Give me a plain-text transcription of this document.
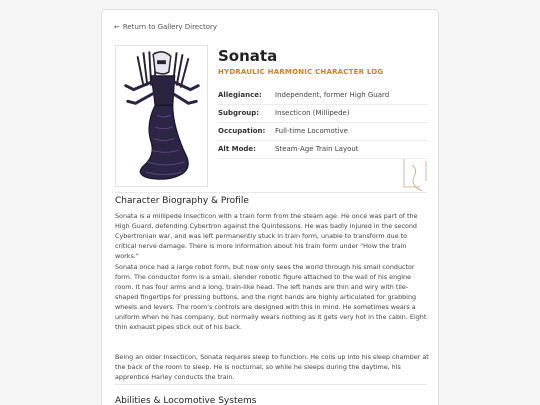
← Return to Gallery Directory
Sonata
HYDRAULIC HARMONIC CHARACTER LOG
Allegiance:	Independent, former High Guard
Subgroup:	Insecticon (Millipede)
Occupation:	Full-time Locomotive
Alt Mode:	Steam-Age Train Layout
Character Biography & Profile

Sonata is a millipede Insecticon with a train form from the steam age. He once was part of the High Guard, defending Cybertron against the Quintessons. He was badly injured in the second Cybertronian war, and was left permanently stuck in train form, unable to transform due to critical nerve damage. There is more information about his train form under "How the train works."

Sonata once had a large robot form, but now only sees the world through his small conductor form. The conductor form is a small, slender robotic figure attached to the wall of his engine room. It has four arms and a long, train-like head. The left hands are thin and wiry with tile-shaped fingertips for pressing buttons, and the right hands are highly articulated for grabbing wheels and levers. The room's controls are designed with this in mind. He sometimes wears a uniform when he has company, but normally wears nothing as it gets very hot in the cabin. Eight thin exhaust pipes stick out of his back.

Being an older Insecticon, Sonata requires sleep to function. He coils up into his sleep chamber at the back of the room to sleep. He is nocturnal, so while he sleeps during the daytime, his apprentice Harley conducts the train.

Abilities & Locomotive Systems
